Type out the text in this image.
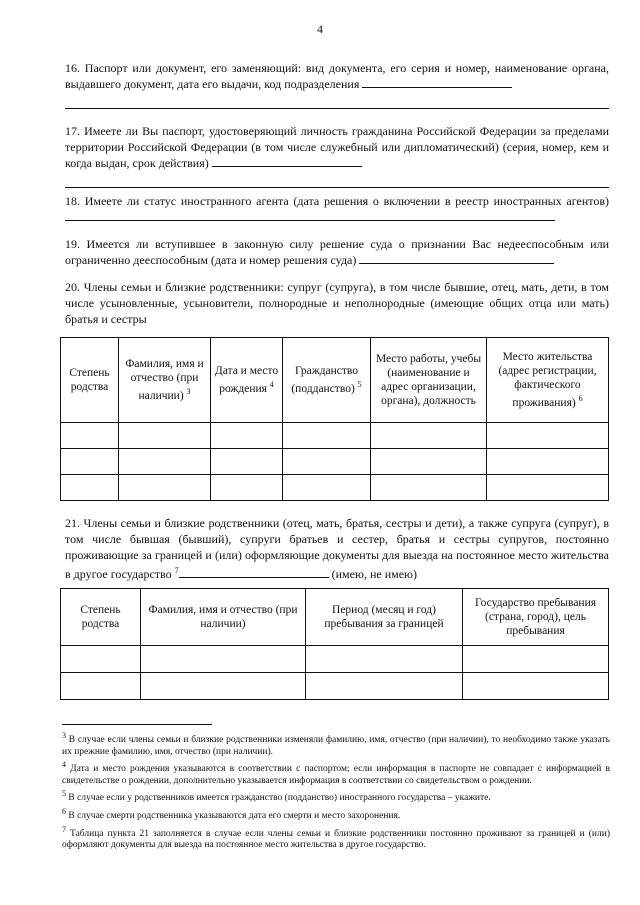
4

16. Паспорт или документ, его заменяющий: вид документа, его серия и номер, наименование органа, выдавшего документ, дата его выдачи, код подразделения

17. Имеете ли Вы паспорт, удостоверяющий личность гражданина Российской Федерации за пределами территории Российской Федерации (в том числе служебный или дипломатический) (серия, номер, кем и когда выдан, срок действия)

18. Имеете ли статус иностранного агента (дата решения о включении в реестр иностранных агентов)

19. Имеется ли вступившее в законную силу решение суда о признании Вас недееспособным или ограниченно дееспособным (дата и номер решения суда)

20. Члены семьи и близкие родственники: супруг (супруга), в том числе бывшие, отец, мать, дети, в том числе усыновленные, усыновители, полнородные и неполнородные (имеющие общих отца или мать) братья и сестры

Степень родства	Фамилия, имя и отчество (при наличии) $^3$	Дата и место рождения $^4$	Гражданство (подданство) $^5$	Место работы, учебы (наименование и адрес организации, органа), должность	Место жительства (адрес регистрации, фактического проживания) $^6$

21. Члены семьи и близкие родственники (отец, мать, братья, сестры и дети), а также супруга (супруг), в том числе бывшая (бывший), супруги братьев и сестер, братья и сестры супругов, постоянно проживающие за границей и (или) оформляющие документы для выезда на постоянное место жительства в другое государство $^7$	(имею, не имею)

Степень родства	Фамилия, имя и отчество (при наличии)	Период (месяц и год) пребывания за границей	Государство пребывания (страна, город), цель пребывания

$^3$ В случае если члены семьи и близкие родственники изменяли фамилию, имя, отчество (при наличии), то необходимо также указать их прежние фамилию, имя, отчество (при наличии).

$^4$ Дата и место рождения указываются в соответствии с паспортом; если информация в паспорте не совпадает с информацией в свидетельстве о рождении, дополнительно указывается информация в соответствии со свидетельством о рождении.

$^5$ В случае если у родственников имеется гражданство (подданство) иностранного государства – укажите.

$^6$ В случае смерти родственника указываются дата его смерти и место захоронения.

$^7$ Таблица пункта 21 заполняется в случае если члены семьи и близкие родственники постоянно проживают за границей и (или) оформляют документы для выезда на постоянное место жительства в другое государство.
